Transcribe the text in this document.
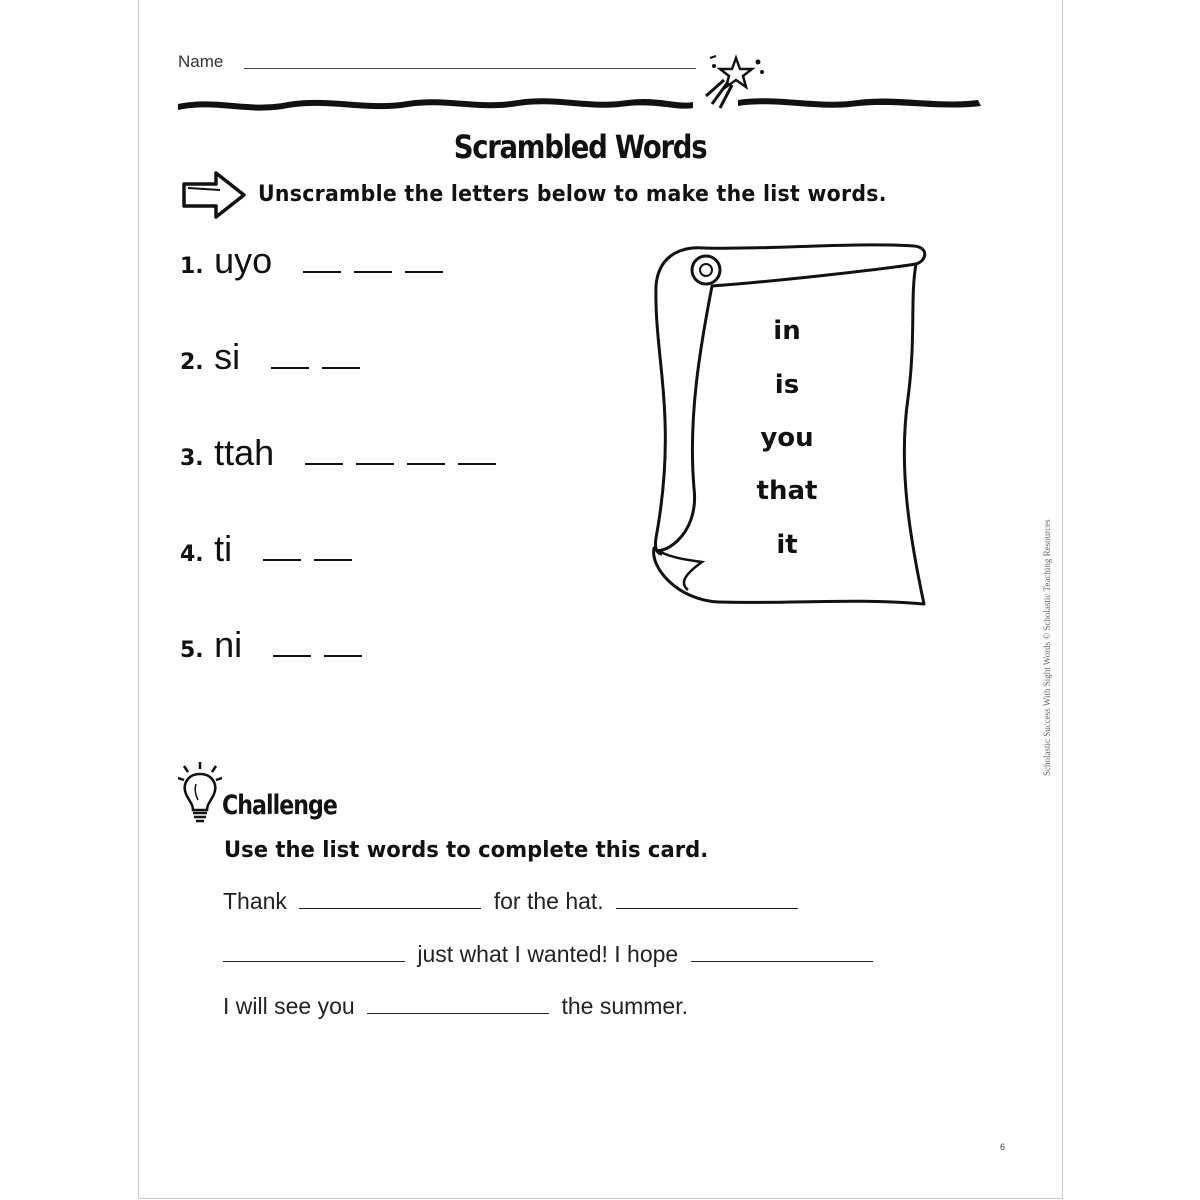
Name
Scrambled Words
Unscramble the letters below to make the list words.
1. uyo
2. si
3. ttah
4. ti
5. ni
in
is
you
that
it
Challenge
Use the list words to complete this card.
Thank	for the hat.
just what I wanted! I hope
I will see you	the summer.
Scholastic Success With Sight Words © Scholastic Teaching Resources
6
